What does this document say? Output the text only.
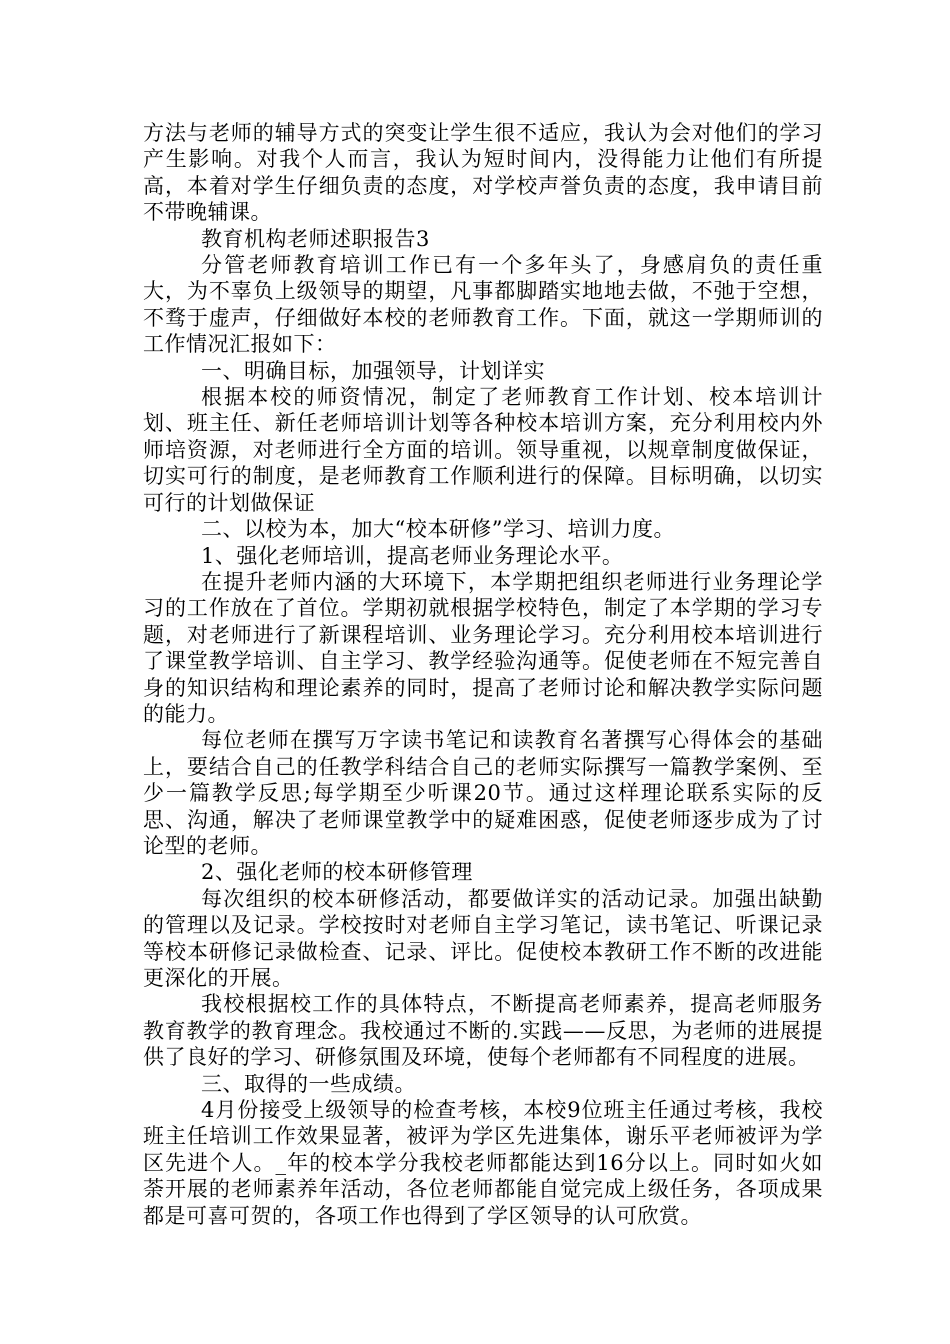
方法与老师的辅导方式的突变让学生很不适应，我认为会对他们的学习产生影响。对我个人而言，我认为短时间内，没得能力让他们有所提高，本着对学生仔细负责的态度，对学校声誉负责的态度，我申请目前不带晚辅课。

教育机构老师述职报告3

分管老师教育培训工作已有一个多年头了，身感肩负的责任重大，为不辜负上级领导的期望，凡事都脚踏实地地去做，不弛于空想，不骛于虚声，仔细做好本校的老师教育工作。下面，就这一学期师训的工作情况汇报如下：

一、明确目标，加强领导，计划详实

根据本校的师资情况，制定了老师教育工作计划、校本培训计划、班主任、新任老师培训计划等各种校本培训方案，充分利用校内外师培资源，对老师进行全方面的培训。领导重视，以规章制度做保证，切实可行的制度，是老师教育工作顺利进行的保障。目标明确，以切实可行的计划做保证

二、以校为本，加大“校本研修”学习、培训力度。

1、强化老师培训，提高老师业务理论水平。

在提升老师内涵的大环境下，本学期把组织老师进行业务理论学习的工作放在了首位。学期初就根据学校特色，制定了本学期的学习专题，对老师进行了新课程培训、业务理论学习。充分利用校本培训进行了课堂教学培训、自主学习、教学经验沟通等。促使老师在不短完善自身的知识结构和理论素养的同时，提高了老师讨论和解决教学实际问题的能力。

每位老师在撰写万字读书笔记和读教育名著撰写心得体会的基础上，要结合自己的任教学科结合自己的老师实际撰写一篇教学案例、至少一篇教学反思;每学期至少听课20节。通过这样理论联系实际的反思、沟通，解决了老师课堂教学中的疑难困惑，促使老师逐步成为了讨论型的老师。

2、强化老师的校本研修管理

每次组织的校本研修活动，都要做详实的活动记录。加强出缺勤的管理以及记录。学校按时对老师自主学习笔记，读书笔记、听课记录等校本研修记录做检查、记录、评比。促使校本教研工作不断的改进能更深化的开展。

我校根据校工作的具体特点，不断提高老师素养，提高老师服务教育教学的教育理念。我校通过不断的.实践——反思，为老师的进展提供了良好的学习、研修氛围及环境，使每个老师都有不同程度的进展。

三、取得的一些成绩。

4月份接受上级领导的检查考核，本校9位班主任通过考核，我校班主任培训工作效果显著，被评为学区先进集体，谢乐平老师被评为学区先进个人。_年的校本学分我校老师都能达到16分以上。同时如火如荼开展的老师素养年活动，各位老师都能自觉完成上级任务，各项成果都是可喜可贺的，各项工作也得到了学区领导的认可欣赏。
